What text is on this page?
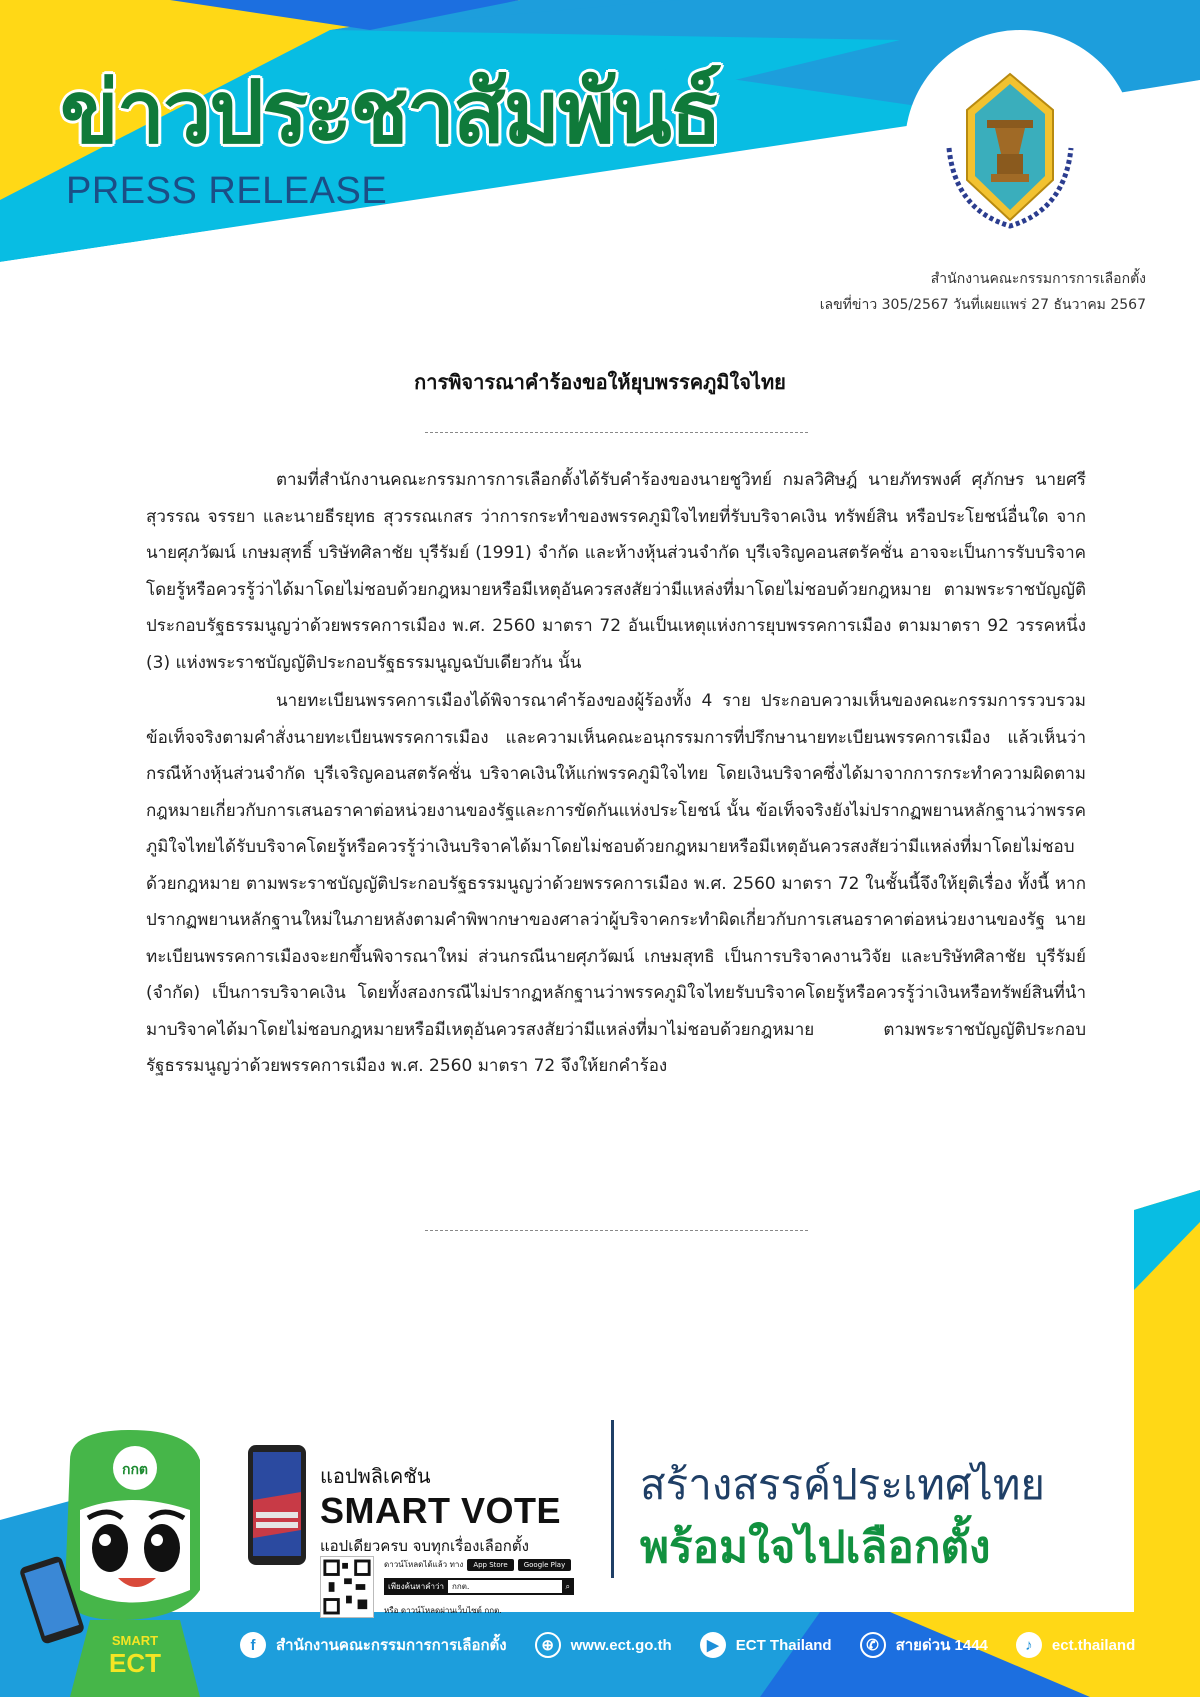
ข่าวประชาสัมพันธ์
PRESS RELEASE
สำนักงานคณะกรรมการการเลือกตั้ง
เลขที่ข่าว 305/2567 วันที่เผยแพร่ 27 ธันวาคม 2567
การพิจารณาคำร้องขอให้ยุบพรรคภูมิใจไทย

ตามที่สำนักงานคณะกรรมการการเลือกตั้งได้รับคำร้องของนายชูวิทย์ กมลวิศิษฎ์ นายภัทรพงศ์ ศุภักษร นายศรีสุวรรณ จรรยา และนายธีรยุทธ สุวรรณเกสร ว่าการกระทำของพรรคภูมิใจไทยที่รับบริจาคเงิน ทรัพย์สิน หรือประโยชน์อื่นใด จากนายศุภวัฒน์ เกษมสุทธิ์ บริษัทศิลาชัย บุรีรัมย์ (1991) จำกัด และห้างหุ้นส่วนจำกัด บุรีเจริญคอนสตรัคชั่น อาจจะเป็นการรับบริจาคโดยรู้หรือควรรู้ว่าได้มาโดยไม่ชอบด้วยกฎหมายหรือมีเหตุอันควรสงสัยว่ามีแหล่งที่มาโดยไม่ชอบด้วยกฎหมาย ตามพระราชบัญญัติประกอบรัฐธรรมนูญว่าด้วยพรรคการเมือง พ.ศ. 2560 มาตรา 72 อันเป็นเหตุแห่งการยุบพรรคการเมือง ตามมาตรา 92 วรรคหนึ่ง (3) แห่งพระราชบัญญัติประกอบรัฐธรรมนูญฉบับเดียวกัน นั้น

นายทะเบียนพรรคการเมืองได้พิจารณาคำร้องของผู้ร้องทั้ง 4 ราย ประกอบความเห็นของคณะกรรมการรวบรวมข้อเท็จจริงตามคำสั่งนายทะเบียนพรรคการเมือง และความเห็นคณะอนุกรรมการที่ปรึกษานายทะเบียนพรรคการเมือง แล้วเห็นว่า กรณีห้างหุ้นส่วนจำกัด บุรีเจริญคอนสตรัคชั่น บริจาคเงินให้แก่พรรคภูมิใจไทย โดยเงินบริจาคซึ่งได้มาจากการกระทำความผิดตามกฎหมายเกี่ยวกับการเสนอราคาต่อหน่วยงานของรัฐและการขัดกันแห่งประโยชน์ นั้น ข้อเท็จจริงยังไม่ปรากฏพยานหลักฐานว่าพรรคภูมิใจไทยได้รับบริจาคโดยรู้หรือควรรู้ว่าเงินบริจาคได้มาโดยไม่ชอบด้วยกฎหมายหรือมีเหตุอันควรสงสัยว่ามีแหล่งที่มาโดยไม่ชอบด้วยกฎหมาย ตามพระราชบัญญัติประกอบรัฐธรรมนูญว่าด้วยพรรคการเมือง พ.ศ. 2560 มาตรา 72 ในชั้นนี้จึงให้ยุติเรื่อง ทั้งนี้ หากปรากฏพยานหลักฐานใหม่ในภายหลังตามคำพิพากษาของศาลว่าผู้บริจาคกระทำผิดเกี่ยวกับการเสนอราคาต่อหน่วยงานของรัฐ นายทะเบียนพรรคการเมืองจะยกขึ้นพิจารณาใหม่ ส่วนกรณีนายศุภวัฒน์ เกษมสุทธิ เป็นการบริจาคงานวิจัย และบริษัทศิลาชัย บุรีรัมย์ (จำกัด) เป็นการบริจาคเงิน โดยทั้งสองกรณีไม่ปรากฏหลักฐานว่าพรรคภูมิใจไทยรับบริจาคโดยรู้หรือควรรู้ว่าเงินหรือทรัพย์สินที่นำมาบริจาคได้มาโดยไม่ชอบกฎหมายหรือมีเหตุอันควรสงสัยว่ามีแหล่งที่มาไม่ชอบด้วยกฎหมาย ตามพระราชบัญญัติประกอบรัฐธรรมนูญว่าด้วยพรรคการเมือง พ.ศ. 2560 มาตรา 72 จึงให้ยกคำร้อง

กกต
SMART
ECT
แอปพลิเคชัน
SMART VOTE
แอปเดียวครบ จบทุกเรื่องเลือกตั้ง
ดาวน์โหลดได้แล้ว ทาง	App Store	Google Play
เพียงค้นหาคำว่า	กกต.	⌕
หรือ ดาวน์โหลดผ่านเว็บไซต์ กกต.
สร้างสรรค์ประเทศไทย
พร้อมใจไปเลือกตั้ง
f	สำนักงานคณะกรรมการการเลือกตั้ง	⊕	www.ect.go.th	▶	ECT Thailand	✆	สายด่วน 1444	♪	ect.thailand
